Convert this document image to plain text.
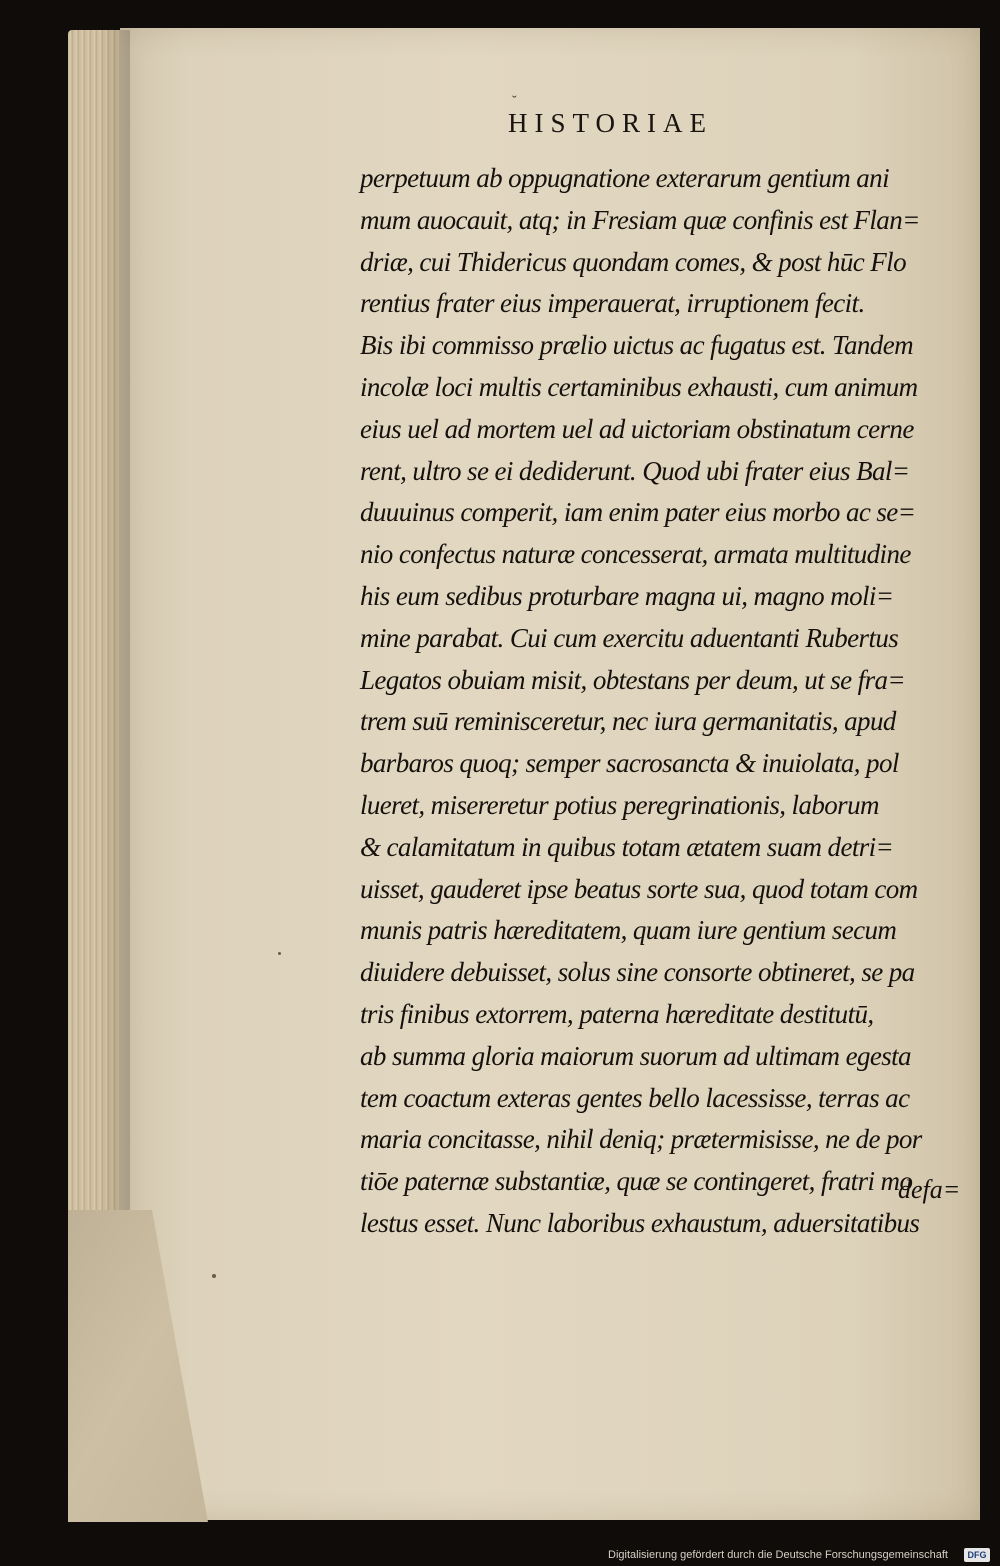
˘
HISTORIAE
perpetuum ab oppugnatione exterarum gentium ani
mum auocauit, atq; in Fresiam quæ confinis est Flan=
driæ, cui Thidericus quondam comes, & post hūc Flo
rentius frater eius imperauerat, irruptionem fecit.
Bis ibi commisso prælio uictus ac fugatus est. Tandem
incolæ loci multis certaminibus exhausti, cum animum
eius uel ad mortem uel ad uictoriam obstinatum cerne
rent, ultro se ei dediderunt. Quod ubi frater eius Bal=
duuuinus comperit, iam enim pater eius morbo ac se=
nio confectus naturæ concesserat, armata multitudine
his eum sedibus proturbare magna ui, magno moli=
mine parabat. Cui cum exercitu aduentanti Rubertus
Legatos obuiam misit, obtestans per deum, ut se fra=
trem suū reminisceretur, nec iura germanitatis, apud
barbaros quoq; semper sacrosancta & inuiolata, pol
lueret, misereretur potius peregrinationis, laborum
& calamitatum in quibus totam ætatem suam detri=
uisset, gauderet ipse beatus sorte sua, quod totam com
munis patris hæreditatem, quam iure gentium secum
diuidere debuisset, solus sine consorte obtineret, se pa
tris finibus extorrem, paterna hæreditate destitutū,
ab summa gloria maiorum suorum ad ultimam egesta
tem coactum exteras gentes bello lacessisse, terras ac
maria concitasse, nihil deniq; prætermisisse, ne de por
tiōe paternæ substantiæ, quæ se contingeret, fratri mo
lestus esset. Nunc laboribus exhaustum, aduersitatibus
defa=
Digitalisierung gefördert durch die Deutsche Forschungsgemeinschaft	DFG
